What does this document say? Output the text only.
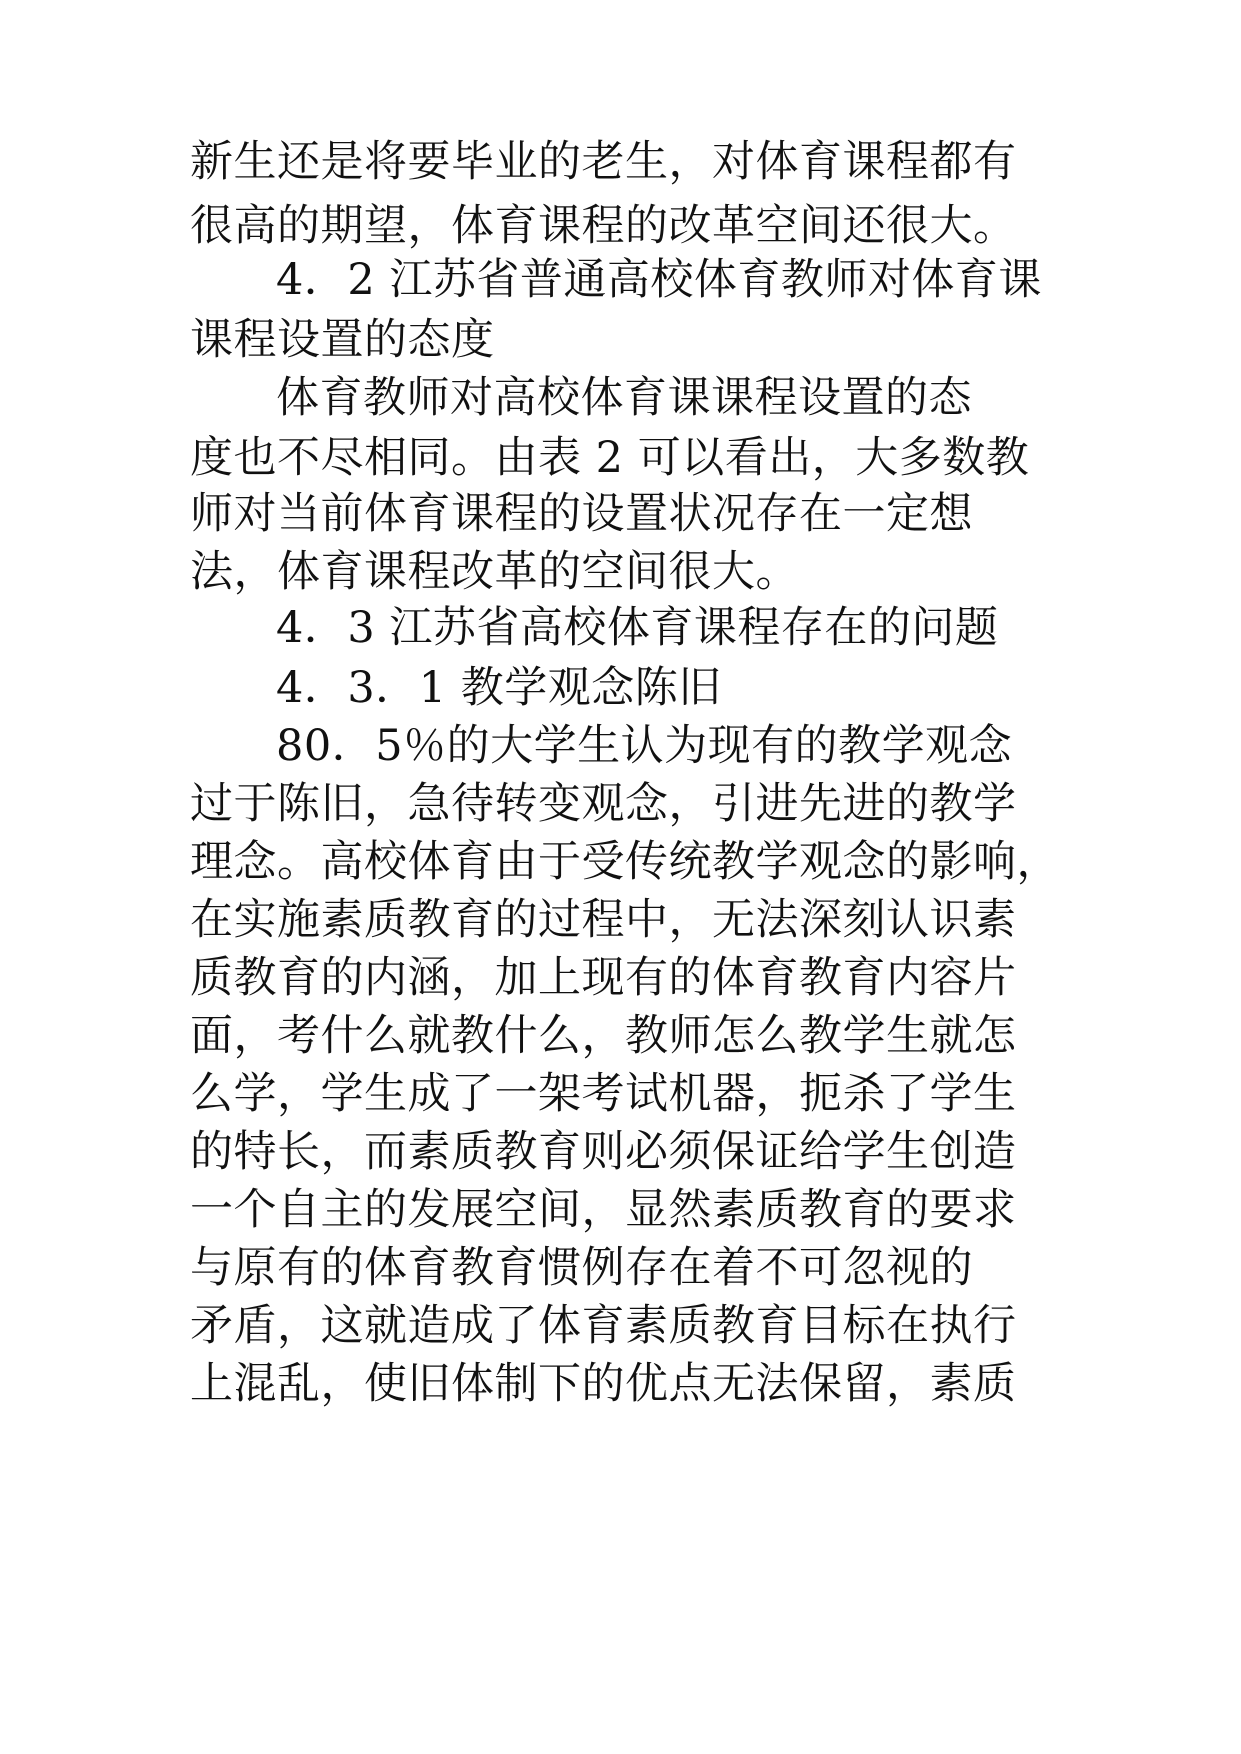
新生还是将要毕业的老生，对体育课程都有
很高的期望，体育课程的改革空间还很大。
4．2 江苏省普通高校体育教师对体育课
课程设置的态度
体育教师对高校体育课课程设置的态
度也不尽相同。由表 2 可以看出，大多数教
师对当前体育课程的设置状况存在一定想
法，体育课程改革的空间很大。
4．3 江苏省高校体育课程存在的问题
4．3．1 教学观念陈旧
80．5％的大学生认为现有的教学观念
过于陈旧，急待转变观念，引进先进的教学
理念。高校体育由于受传统教学观念的影响，
在实施素质教育的过程中，无法深刻认识素
质教育的内涵，加上现有的体育教育内容片
面，考什么就教什么，教师怎么教学生就怎
么学，学生成了一架考试机器，扼杀了学生
的特长，而素质教育则必须保证给学生创造
一个自主的发展空间，显然素质教育的要求
与原有的体育教育惯例存在着不可忽视的
矛盾，这就造成了体育素质教育目标在执行
上混乱，使旧体制下的优点无法保留，素质
